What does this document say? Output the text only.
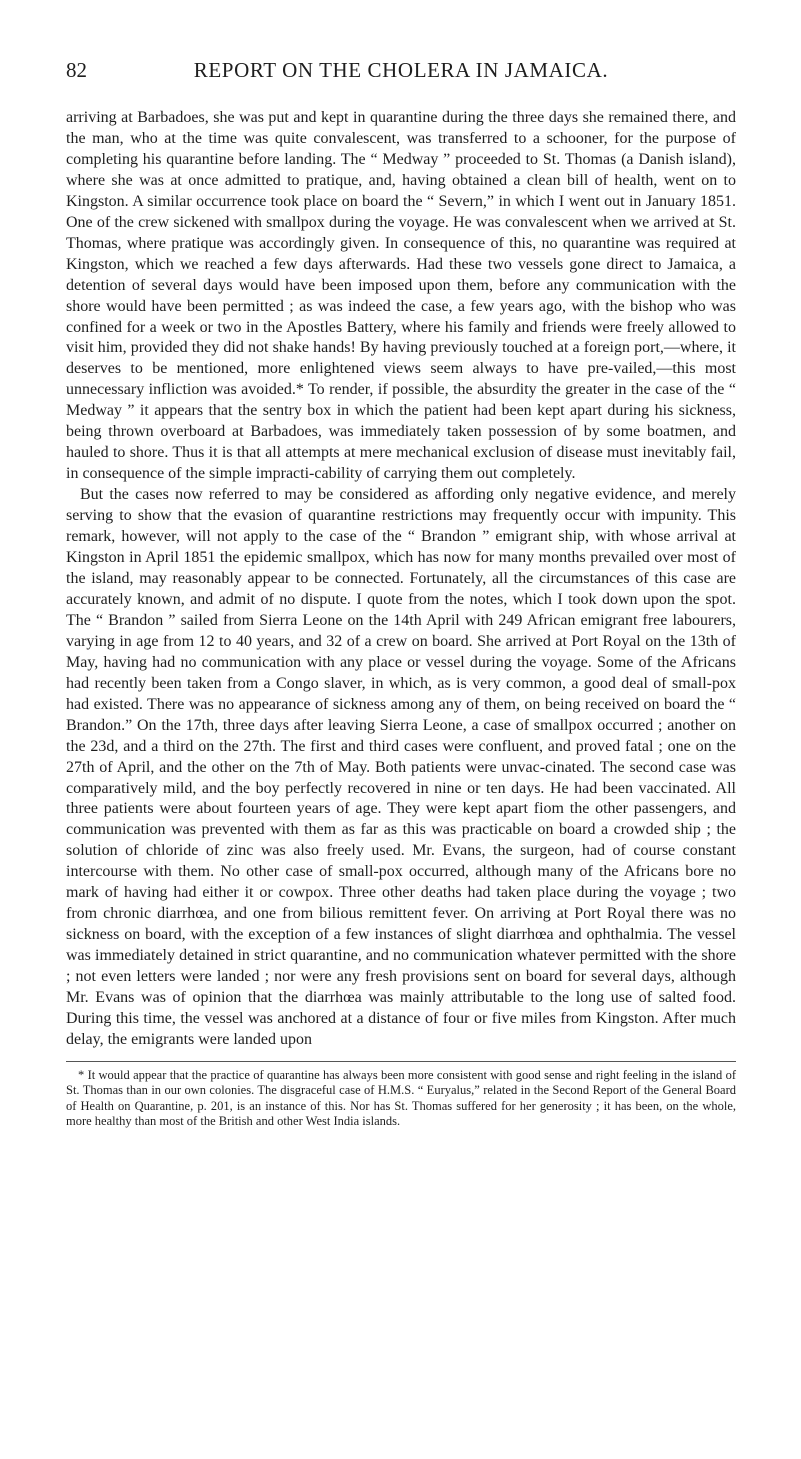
82	REPORT ON THE CHOLERA IN JAMAICA.

arriving at Barbadoes, she was put and kept in quarantine during the three days she remained there, and the man, who at the time was quite convalescent, was transferred to a schooner, for the purpose of completing his quarantine before landing. The “ Medway ” proceeded to St. Thomas (a Danish island), where she was at once admitted to pratique, and, having obtained a clean bill of health, went on to Kingston. A similar occurrence took place on board the “ Severn,” in which I went out in January 1851. One of the crew sickened with smallpox during the voyage. He was convalescent when we arrived at St. Thomas, where pratique was accordingly given. In consequence of this, no quarantine was required at Kingston, which we reached a few days afterwards. Had these two vessels gone direct to Jamaica, a detention of several days would have been imposed upon them, before any communication with the shore would have been permitted ; as was indeed the case, a few years ago, with the bishop who was confined for a week or two in the Apostles Battery, where his family and friends were freely allowed to visit him, provided they did not shake hands! By having previously touched at a foreign port,—where, it deserves to be mentioned, more enlightened views seem always to have pre-vailed,—this most unnecessary infliction was avoided.* To render, if possible, the absurdity the greater in the case of the “ Medway ” it appears that the sentry box in which the patient had been kept apart during his sickness, being thrown overboard at Barbadoes, was immediately taken possession of by some boatmen, and hauled to shore. Thus it is that all attempts at mere mechanical exclusion of disease must inevitably fail, in consequence of the simple impracti-cability of carrying them out completely.

But the cases now referred to may be considered as affording only negative evidence, and merely serving to show that the evasion of quarantine restrictions may frequently occur with impunity. This remark, however, will not apply to the case of the “ Brandon ” emigrant ship, with whose arrival at Kingston in April 1851 the epidemic smallpox, which has now for many months prevailed over most of the island, may reasonably appear to be connected. Fortunately, all the circumstances of this case are accurately known, and admit of no dispute. I quote from the notes, which I took down upon the spot. The “ Brandon ” sailed from Sierra Leone on the 14th April with 249 African emigrant free labourers, varying in age from 12 to 40 years, and 32 of a crew on board. She arrived at Port Royal on the 13th of May, having had no communication with any place or vessel during the voyage. Some of the Africans had recently been taken from a Congo slaver, in which, as is very common, a good deal of small-pox had existed. There was no appearance of sickness among any of them, on being received on board the “ Brandon.” On the 17th, three days after leaving Sierra Leone, a case of smallpox occurred ; another on the 23d, and a third on the 27th. The first and third cases were confluent, and proved fatal ; one on the 27th of April, and the other on the 7th of May. Both patients were unvac-cinated. The second case was comparatively mild, and the boy perfectly recovered in nine or ten days. He had been vaccinated. All three patients were about fourteen years of age. They were kept apart fiom the other passengers, and communication was prevented with them as far as this was practicable on board a crowded ship ; the solution of chloride of zinc was also freely used. Mr. Evans, the surgeon, had of course constant intercourse with them. No other case of small-pox occurred, although many of the Africans bore no mark of having had either it or cowpox. Three other deaths had taken place during the voyage ; two from chronic diarrhœa, and one from bilious remittent fever. On arriving at Port Royal there was no sickness on board, with the exception of a few instances of slight diarrhœa and ophthalmia. The vessel was immediately detained in strict quarantine, and no communication whatever permitted with the shore ; not even letters were landed ; nor were any fresh provisions sent on board for several days, although Mr. Evans was of opinion that the diarrhœa was mainly attributable to the long use of salted food. During this time, the vessel was anchored at a distance of four or five miles from Kingston. After much delay, the emigrants were landed upon

* It would appear that the practice of quarantine has always been more consistent with good sense and right feeling in the island of St. Thomas than in our own colonies. The disgraceful case of H.M.S. “ Euryalus,” related in the Second Report of the General Board of Health on Quarantine, p. 201, is an instance of this. Nor has St. Thomas suffered for her generosity ; it has been, on the whole, more healthy than most of the British and other West India islands.
